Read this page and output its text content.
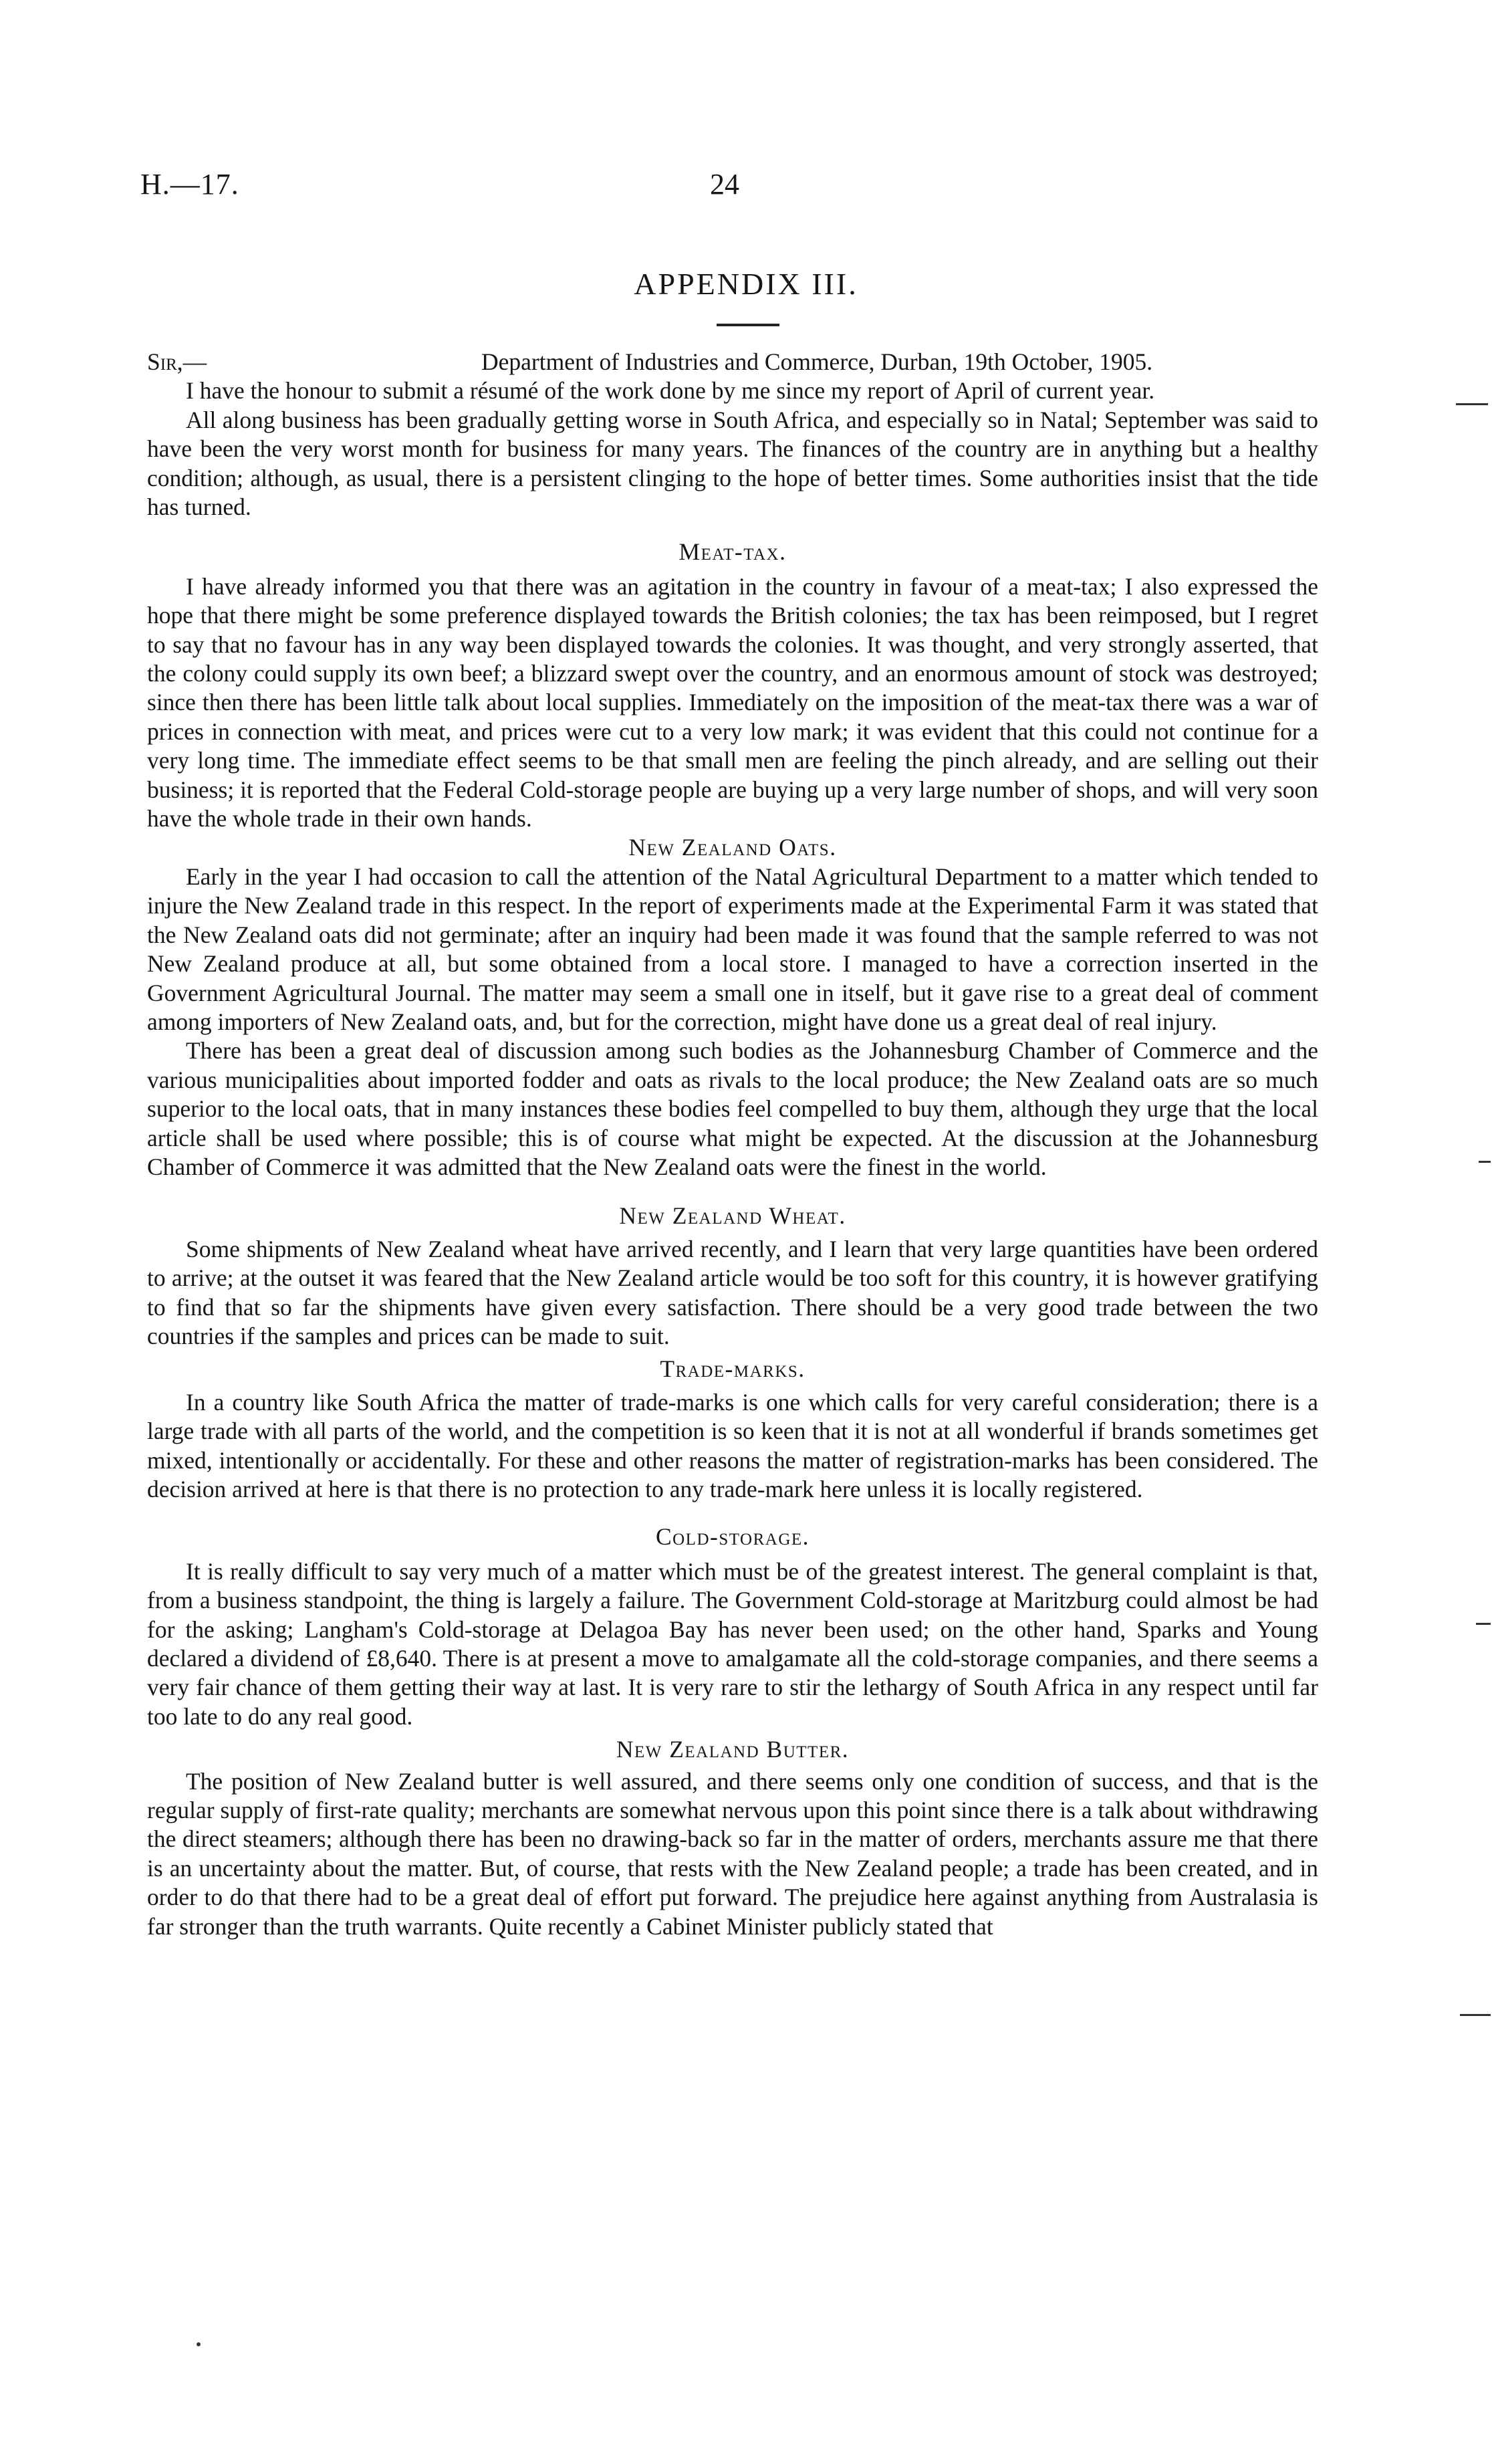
H.—17.	24
APPENDIX III.
Sir,—	Department of Industries and Commerce, Durban, 19th October, 1905.

I have the honour to submit a résumé of the work done by me since my report of April of current year.

All along business has been gradually getting worse in South Africa, and especially so in Natal; September was said to have been the very worst month for business for many years. The finances of the country are in anything but a healthy condition; although, as usual, there is a persistent clinging to the hope of better times. Some authorities insist that the tide has turned.

Meat-tax.

I have already informed you that there was an agitation in the country in favour of a meat-tax; I also expressed the hope that there might be some preference displayed towards the British colonies; the tax has been reimposed, but I regret to say that no favour has in any way been displayed towards the colonies. It was thought, and very strongly asserted, that the colony could supply its own beef; a blizzard swept over the country, and an enormous amount of stock was destroyed; since then there has been little talk about local supplies. Immediately on the imposition of the meat-tax there was a war of prices in connection with meat, and prices were cut to a very low mark; it was evident that this could not continue for a very long time. The immediate effect seems to be that small men are feeling the pinch already, and are selling out their business; it is reported that the Federal Cold-storage people are buying up a very large number of shops, and will very soon have the whole trade in their own hands.

New Zealand Oats.

Early in the year I had occasion to call the attention of the Natal Agricultural Department to a matter which tended to injure the New Zealand trade in this respect. In the report of experiments made at the Experimental Farm it was stated that the New Zealand oats did not germinate; after an inquiry had been made it was found that the sample referred to was not New Zealand produce at all, but some obtained from a local store. I managed to have a correction inserted in the Government Agricultural Journal. The matter may seem a small one in itself, but it gave rise to a great deal of comment among importers of New Zealand oats, and, but for the correction, might have done us a great deal of real injury.

There has been a great deal of discussion among such bodies as the Johannesburg Chamber of Commerce and the various municipalities about imported fodder and oats as rivals to the local produce; the New Zealand oats are so much superior to the local oats, that in many instances these bodies feel compelled to buy them, although they urge that the local article shall be used where possible; this is of course what might be expected. At the discussion at the Johannesburg Chamber of Commerce it was admitted that the New Zealand oats were the finest in the world.

New Zealand Wheat.

Some shipments of New Zealand wheat have arrived recently, and I learn that very large quantities have been ordered to arrive; at the outset it was feared that the New Zealand article would be too soft for this country, it is however gratifying to find that so far the shipments have given every satisfaction. There should be a very good trade between the two countries if the samples and prices can be made to suit.

Trade-marks.

In a country like South Africa the matter of trade-marks is one which calls for very careful consideration; there is a large trade with all parts of the world, and the competition is so keen that it is not at all wonderful if brands sometimes get mixed, intentionally or accidentally. For these and other reasons the matter of registration-marks has been considered. The decision arrived at here is that there is no protection to any trade-mark here unless it is locally registered.

Cold-storage.

It is really difficult to say very much of a matter which must be of the greatest interest. The general complaint is that, from a business standpoint, the thing is largely a failure. The Government Cold-storage at Maritzburg could almost be had for the asking; Langham's Cold-storage at Delagoa Bay has never been used; on the other hand, Sparks and Young declared a dividend of £8,640. There is at present a move to amalgamate all the cold-storage companies, and there seems a very fair chance of them getting their way at last. It is very rare to stir the lethargy of South Africa in any respect until far too late to do any real good.

New Zealand Butter.

The position of New Zealand butter is well assured, and there seems only one condition of success, and that is the regular supply of first-rate quality; merchants are somewhat nervous upon this point since there is a talk about withdrawing the direct steamers; although there has been no drawing-back so far in the matter of orders, merchants assure me that there is an uncertainty about the matter. But, of course, that rests with the New Zealand people; a trade has been created, and in order to do that there had to be a great deal of effort put forward. The prejudice here against anything from Australasia is far stronger than the truth warrants. Quite recently a Cabinet Minister publicly stated that
